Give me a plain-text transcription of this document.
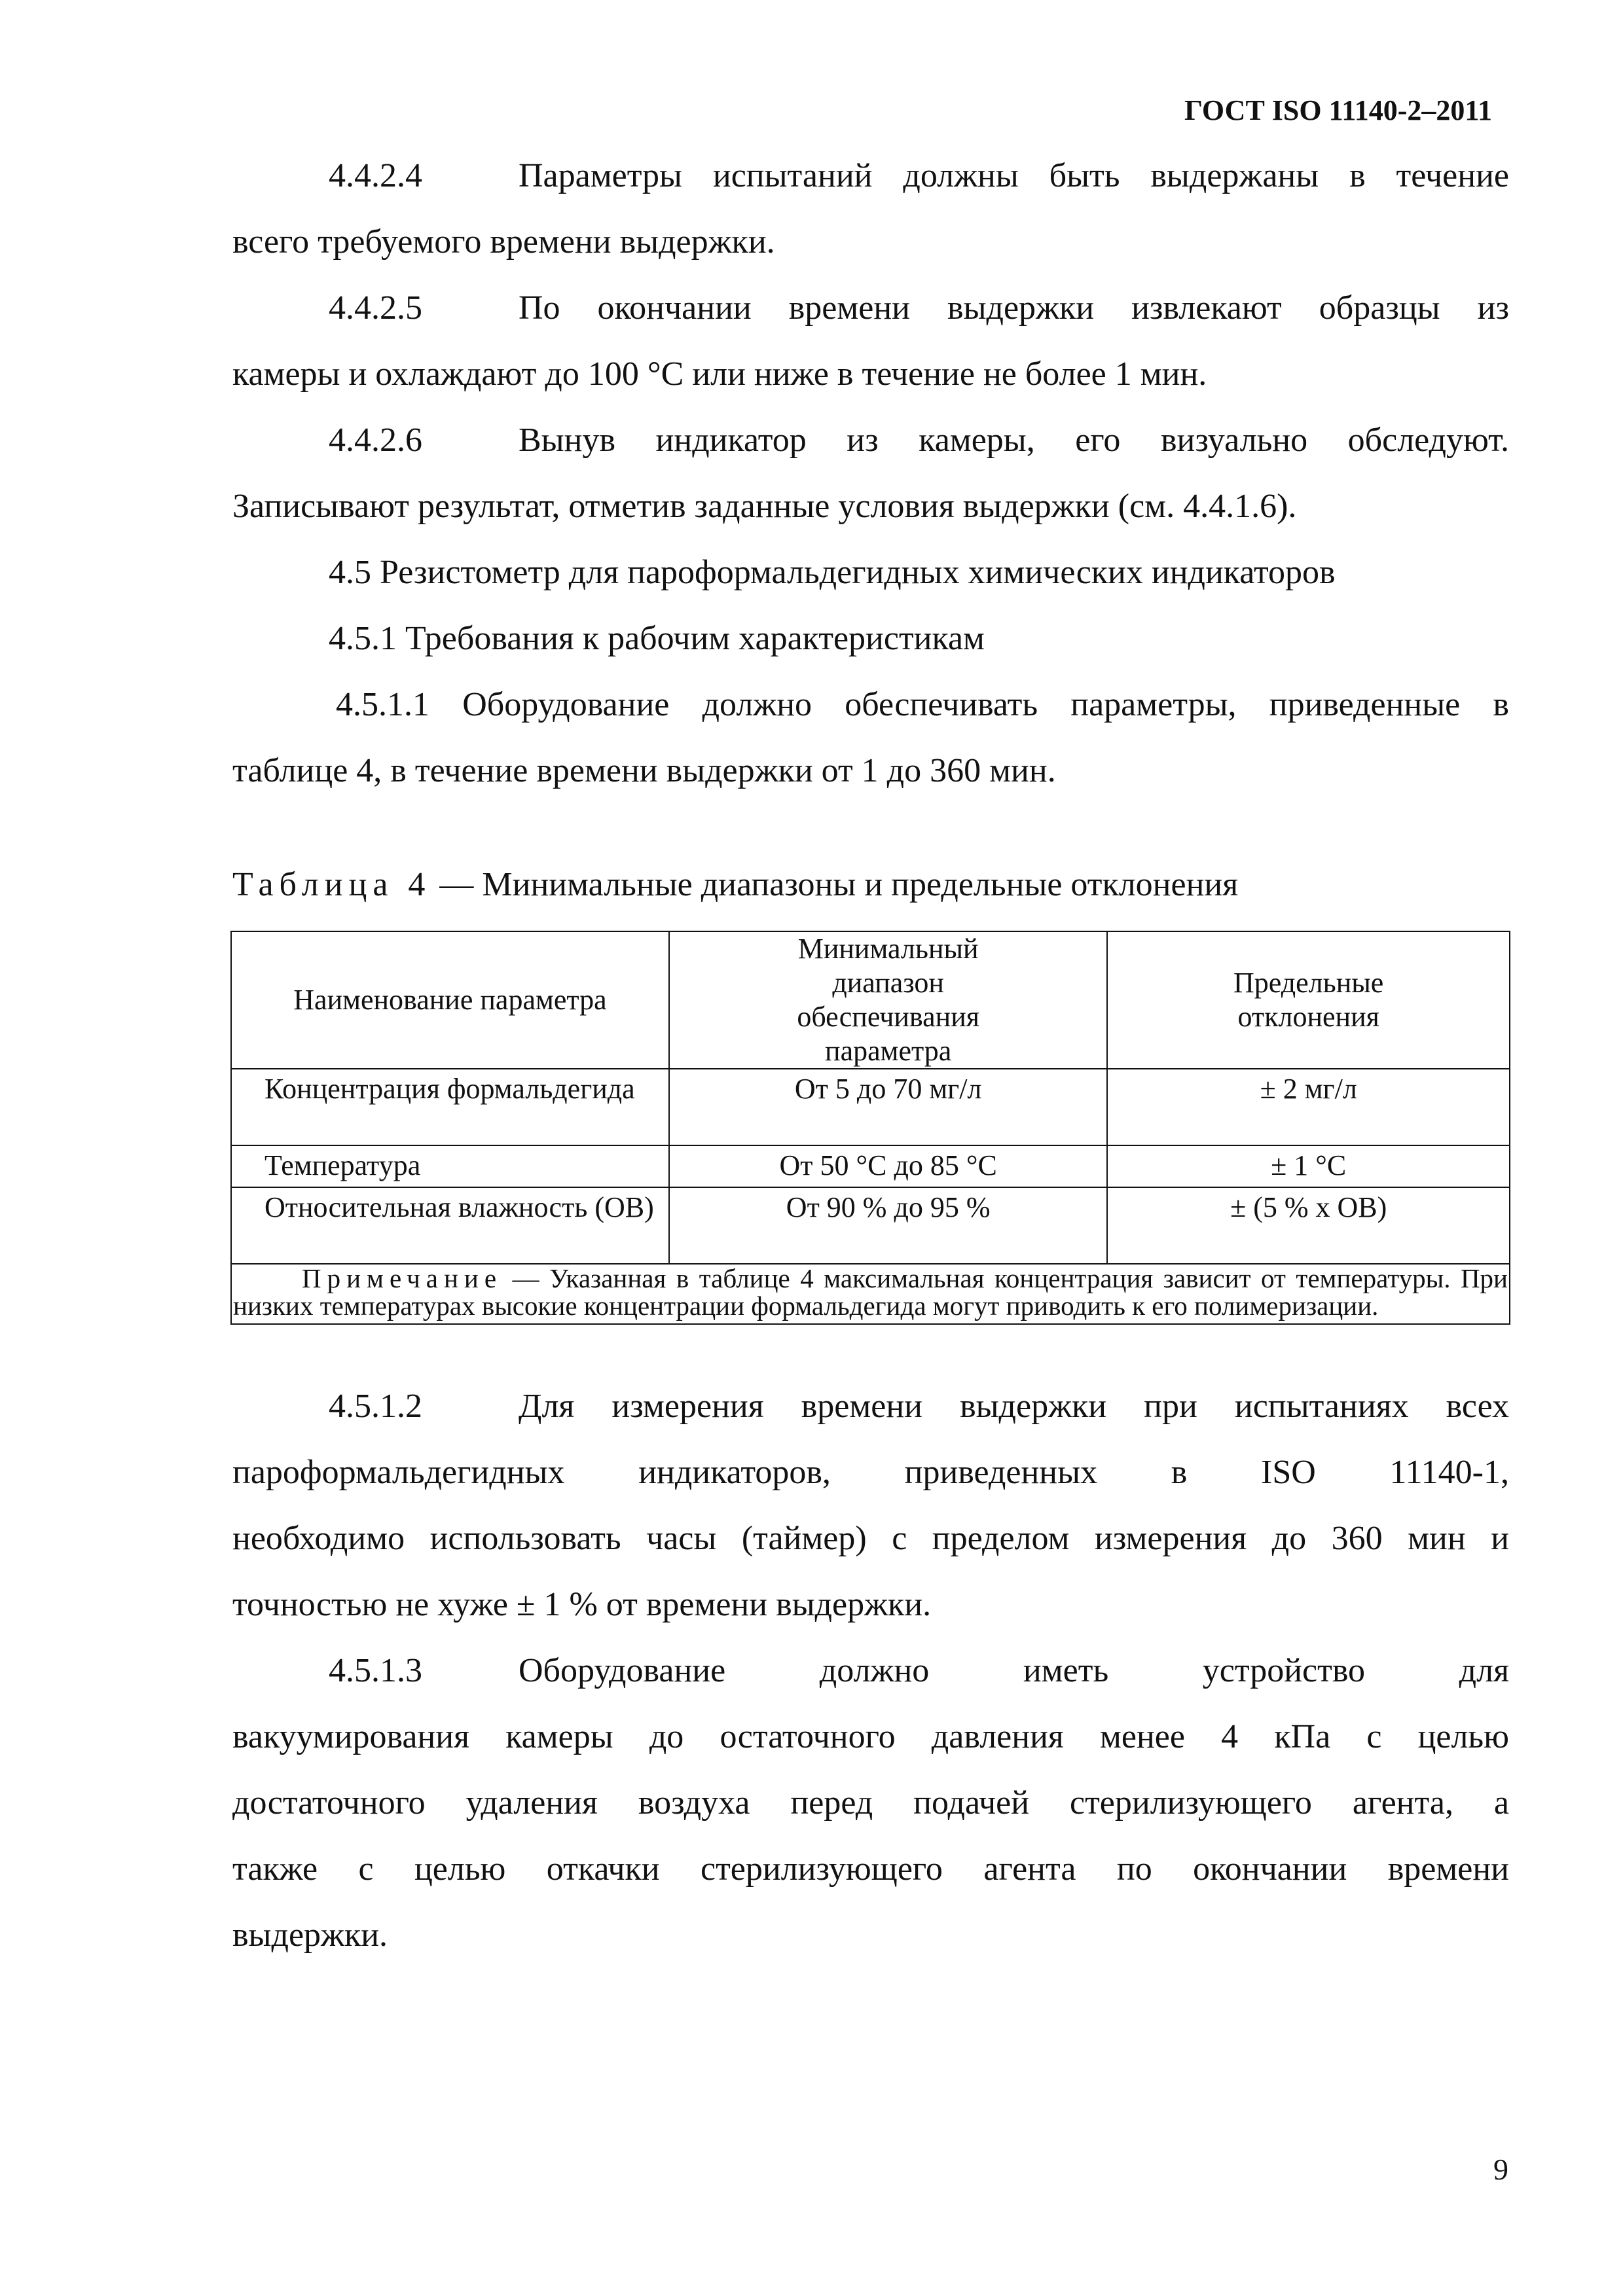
ГОСТ ISO 11140-2–2011
4.4.2.4	Параметры испытаний должны быть выдержаны в течение
всего требуемого времени выдержки.
4.4.2.5	По окончании времени выдержки извлекают образцы из
камеры и охлаждают до 100 °С или ниже в течение не более 1 мин.
4.4.2.6	Вынув индикатор из камеры, его визуально обследуют.
Записывают результат, отметив заданные условия выдержки (см. 4.4.1.6).
4.5 Резистометр для пароформальдегидных химических индикаторов
4.5.1 Требования к рабочим характеристикам
4.5.1.1 Оборудование должно обеспечивать параметры, приведенные в
таблице 4, в течение времени выдержки от 1 до 360 мин.
Таблица 4 — Минимальные диапазоны и предельные отклонения
Наименование параметра	Минимальный диапазон обеспечивания параметра	Предельные отклонения
Концентрация формальдегида	От 5 до 70 мг/л	± 2 мг/л
Температура	От 50 °С до 85 °С	± 1 °С
Относительная влажность (ОВ)	От 90 % до 95 %	± (5 % х ОВ)
Примечание — Указанная в таблице 4 максимальная концентрация зависит от температуры. При низких температурах высокие концентрации формальдегида могут приводить к его полимеризации.		
4.5.1.2	Для измерения времени выдержки при испытаниях всех
пароформальдегидных индикаторов, приведенных в ISO 11140-1,
необходимо использовать часы (таймер) с пределом измерения до 360 мин и
точностью не хуже ± 1 % от времени выдержки.
4.5.1.3	Оборудование должно иметь устройство для
вакуумирования камеры до остаточного давления менее 4 кПа с целью
достаточного удаления воздуха перед подачей стерилизующего агента, а
также с целью откачки стерилизующего агента по окончании времени
выдержки.
9
